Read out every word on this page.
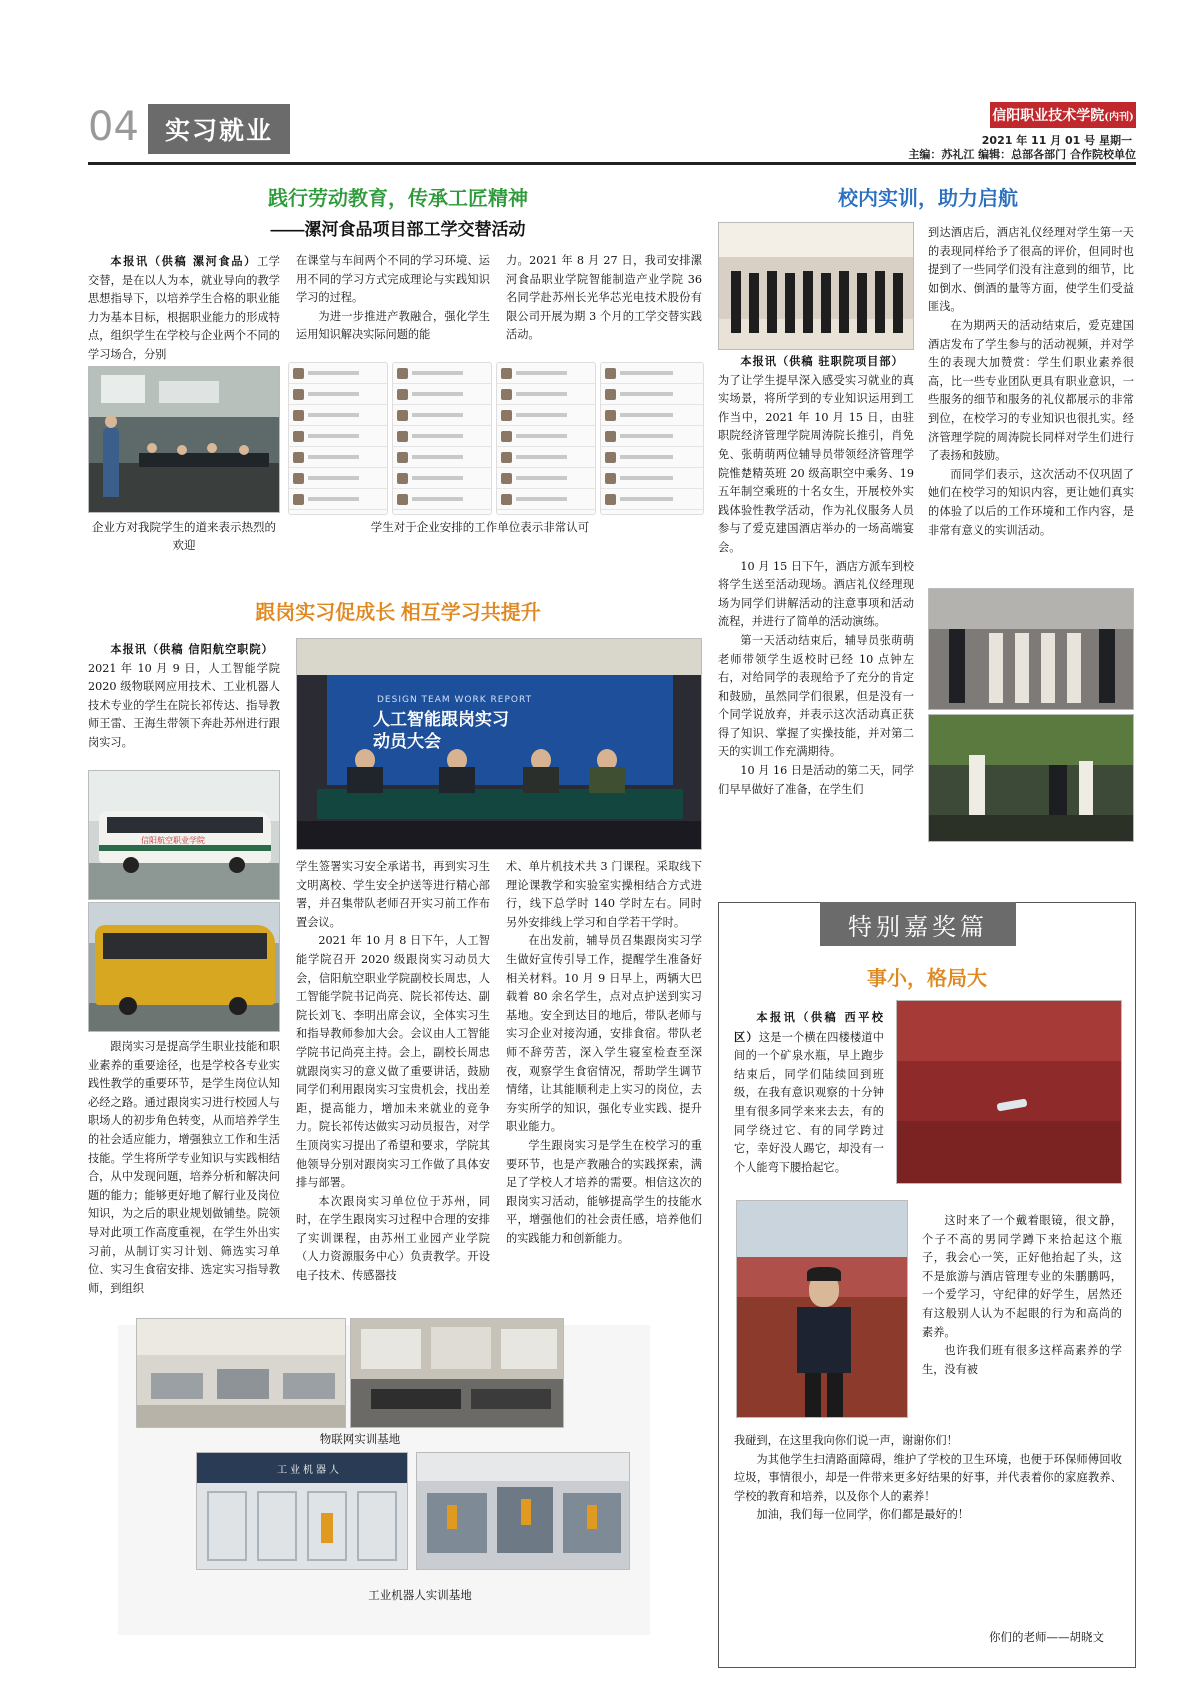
04	实习就业	信阳职业技术学院 (内刊)
2021 年 11 月 01 号 星期一
主编：苏礼江 编辑：总部各部门 合作院校单位
践行劳动教育，传承工匠精神
——漯河食品项目部工学交替活动

本报讯（供稿 漯河食品）工学交替，是在以人为本，就业导向的教学思想指导下，以培养学生合格的职业能力为基本目标，根据职业能力的形成特点，组织学生在学校与企业两个不同的学习场合，分别

在课堂与车间两个不同的学习环境、运用不同的学习方式完成理论与实践知识学习的过程。

为进一步推进产教融合，强化学生运用知识解决实际问题的能

力。2021 年 8 月 27 日，我司安排漯河食品职业学院智能制造产业学院 36 名同学赴苏州长光华芯光电技术股份有限公司开展为期 3 个月的工学交替实践活动。

企业方对我院学生的道来表示热烈的欢迎
学生对于企业安排的工作单位表示非常认可
跟岗实习促成长 相互学习共提升

本报讯（供稿 信阳航空职院）

2021 年 10 月 9 日，人工智能学院 2020 级物联网应用技术、工业机器人技术专业的学生在院长祁传达、指导教师王雷、王海生带领下奔赴苏州进行跟岗实习。

DESIGN TEAM WORK REPORT
人工智能跟岗实习动员大会
信阳航空职业学院

跟岗实习是提高学生职业技能和职业素养的重要途径，也是学校各专业实践性教学的重要环节，是学生岗位认知必经之路。通过跟岗实习进行校园人与职场人的初步角色转变，从而培养学生的社会适应能力，增强独立工作和生活技能。学生将所学专业知识与实践相结合，从中发现问题，培养分析和解决问题的能力；能够更好地了解行业及岗位知识，为之后的职业规划做铺垫。院领导对此项工作高度重视，在学生外出实习前，从制订实习计划、筛选实习单位、实习生食宿安排、选定实习指导教师，到组织

学生签署实习安全承诺书，再到实习生文明离校、学生安全护送等进行精心部署，并召集带队老师召开实习前工作布置会议。

2021 年 10 月 8 日下午，人工智能学院召开 2020 级跟岗实习动员大会，信阳航空职业学院副校长周忠，人工智能学院书记尚亮、院长祁传达、副院长刘飞、李明出席会议，全体实习生和指导教师参加大会。会议由人工智能学院书记尚亮主持。会上，副校长周忠就跟岗实习的意义做了重要讲话，鼓励同学们利用跟岗实习宝贵机会，找出差距，提高能力，增加未来就业的竞争力。院长祁传达做实习动员报告，对学生顶岗实习提出了希望和要求，学院其他领导分别对跟岗实习工作做了具体安排与部署。

本次跟岗实习单位位于苏州，同时，在学生跟岗实习过程中合理的安排了实训课程，由苏州工业园产业学院（人力资源服务中心）负责教学。开设电子技术、传感器技

术、单片机技术共 3 门课程。采取线下理论课教学和实验室实操相结合方式进行，线下总学时 140 学时左右。同时另外安排线上学习和自学若干学时。

在出发前，辅导员召集跟岗实习学生做好宣传引导工作，提醒学生准备好相关材料。10 月 9 日早上，两辆大巴载着 80 余名学生，点对点护送到实习基地。安全到达目的地后，带队老师与实习企业对接沟通，安排食宿。带队老师不辞劳苦，深入学生寝室检查至深夜，观察学生食宿情况，帮助学生调节情绪，让其能顺利走上实习的岗位，去夯实所学的知识，强化专业实践、提升职业能力。

学生跟岗实习是学生在校学习的重要环节，也是产教融合的实践探索，满足了学校人才培养的需要。相信这次的跟岗实习活动，能够提高学生的技能水平，增强他们的社会责任感，培养他们的实践能力和创新能力。

物联网实训基地
工业机器人
工业机器人实训基地
校内实训，助力启航

本报讯（供稿 驻职院项目部）

为了让学生提早深入感受实习就业的真实场景，将所学到的专业知识运用到工作当中，2021 年 10 月 15 日，由驻职院经济管理学院周涛院长推引，肖免免、张萌萌两位辅导员带领经济管理学院惟楚精英班 20 级高职空中乘务、19 五年制空乘班的十名女生，开展校外实践体验性教学活动，作为礼仪服务人员参与了爱克建国酒店举办的一场高端宴会。

10 月 15 日下午，酒店方派车到校将学生送至活动现场。酒店礼仪经理现场为同学们讲解活动的注意事项和活动流程，并进行了简单的活动演练。

第一天活动结束后，辅导员张萌萌老师带领学生返校时已经 10 点钟左右，对给同学的表现给予了充分的肯定和鼓励，虽然同学们很累，但是没有一个同学说放弃，并表示这次活动真正获得了知识、掌握了实操技能，并对第二天的实训工作充满期待。

10 月 16 日是活动的第二天，同学们早早做好了准备，在学生们

到达酒店后，酒店礼仪经理对学生第一天的表现同样给予了很高的评价，但同时也提到了一些同学们没有注意到的细节，比如倒水、倒酒的量等方面，使学生们受益匪浅。

在为期两天的活动结束后，爱克建国酒店发布了学生参与的活动视频，并对学生的表现大加赞赏：学生们职业素养很高，比一些专业团队更具有职业意识，一些服务的细节和服务的礼仪都展示的非常到位，在校学习的专业知识也很扎实。经济管理学院的周涛院长同样对学生们进行了表扬和鼓励。

而同学们表示，这次活动不仅巩固了她们在校学习的知识内容，更让她们真实的体验了以后的工作环境和工作内容，是非常有意义的实训活动。

特别嘉奖篇
事小，格局大

本报讯（供稿 西平校区）这是一个横在四楼楼道中间的一个矿泉水瓶，早上跑步结束后，同学们陆续回到班级，在我有意识观察的十分钟里有很多同学来来去去，有的同学绕过它、有的同学跨过它，幸好没人踢它，却没有一个人能弯下腰拾起它。

这时来了一个戴着眼镜，很文静，个子不高的男同学蹲下来拾起这个瓶子，我会心一笑，正好他抬起了头，这不是旅游与酒店管理专业的朱鹏鹏吗，一个爱学习，守纪律的好学生，居然还有这般别人认为不起眼的行为和高尚的素养。

也许我们班有很多这样高素养的学生，没有被

我碰到，在这里我向你们说一声，谢谢你们！

为其他学生扫清路面障碍，维护了学校的卫生环境，也便于环保师傅回收垃圾，事情很小，却是一件带来更多好结果的好事，并代表着你的家庭教养、学校的教育和培养，以及你个人的素养！

加油，我们每一位同学，你们都是最好的！

你们的老师——胡晓文
